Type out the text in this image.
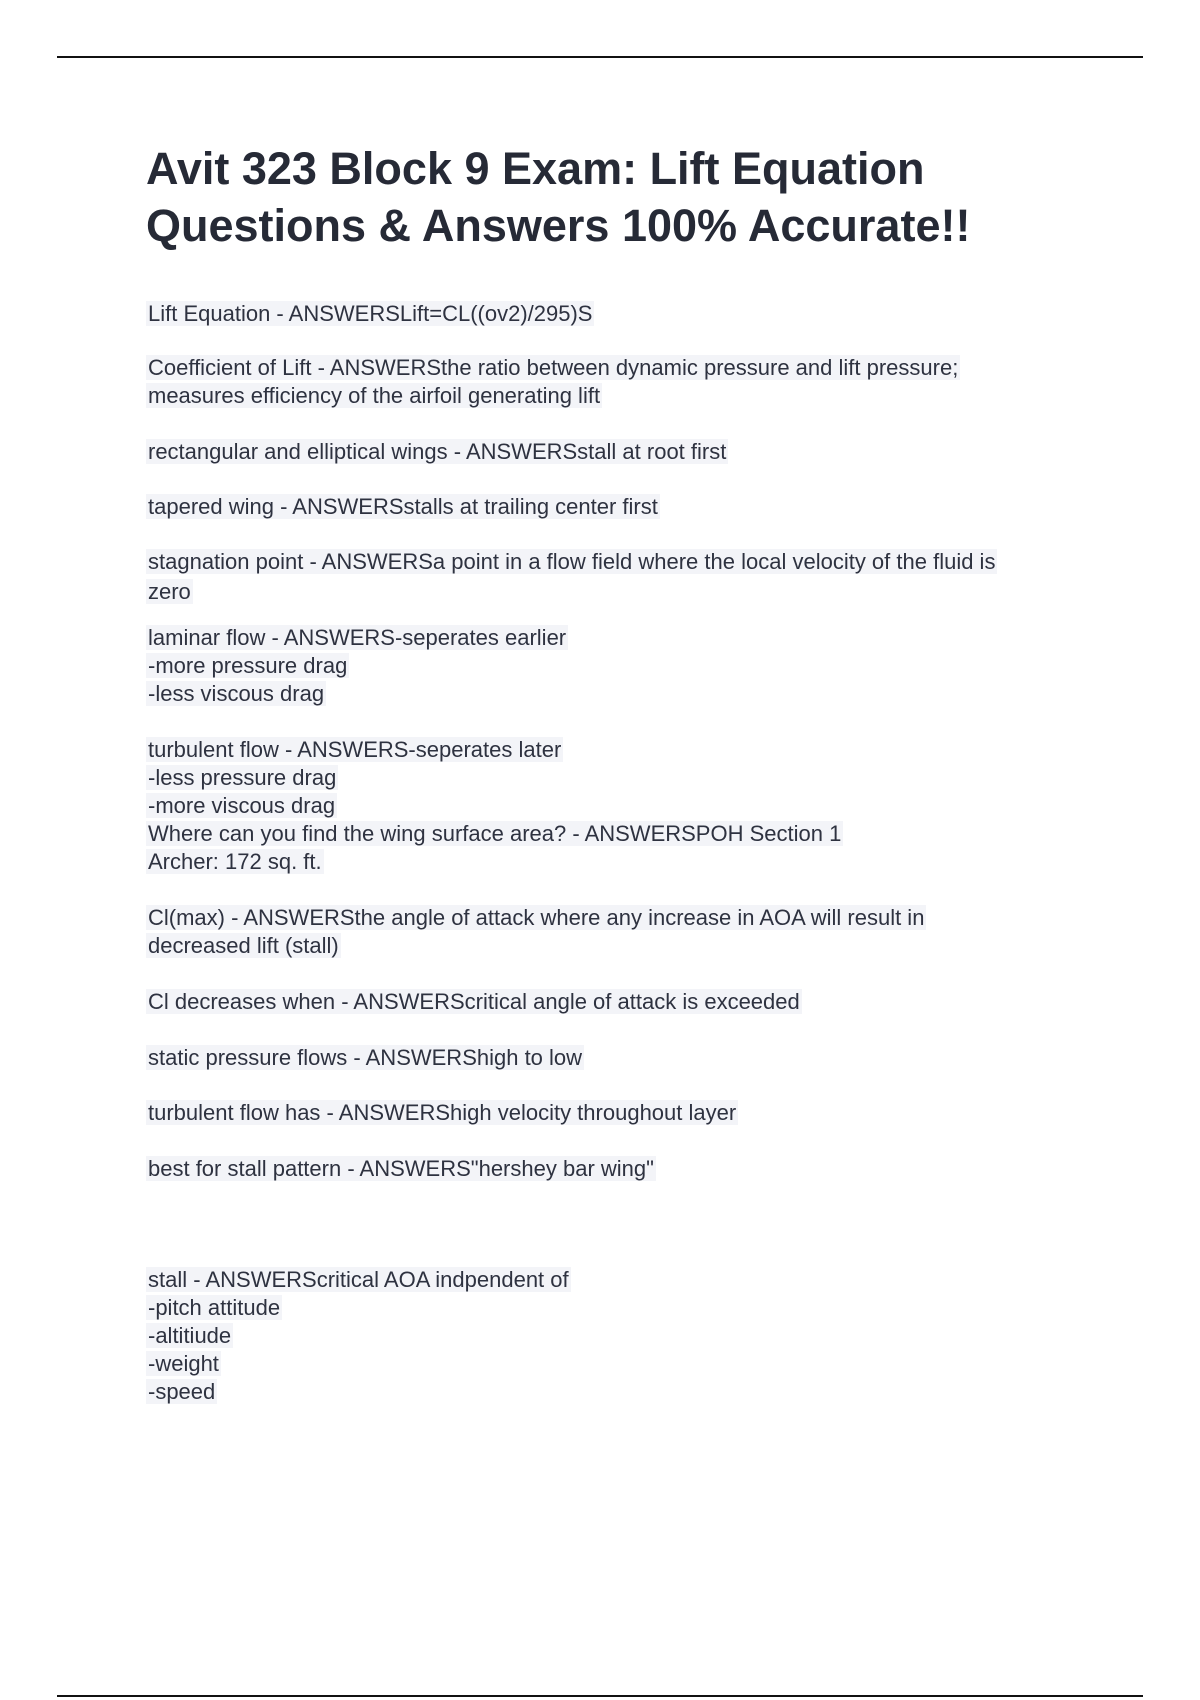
Avit 323 Block 9 Exam: Lift Equation Questions & Answers 100% Accurate!!
Lift Equation - ANSWERSLift=CL((ov2)/295)S
Coefficient of Lift - ANSWERSthe ratio between dynamic pressure and lift pressure;
measures efficiency of the airfoil generating lift
rectangular and elliptical wings - ANSWERSstall at root first
tapered wing - ANSWERSstalls at trailing center first
stagnation point - ANSWERSa point in a flow field where the local velocity of the fluid is
zero
laminar flow - ANSWERS-seperates earlier
-more pressure drag
-less viscous drag
turbulent flow - ANSWERS-seperates later
-less pressure drag
-more viscous drag
Where can you find the wing surface area? - ANSWERSPOH Section 1
Archer: 172 sq. ft.
Cl(max) - ANSWERSthe angle of attack where any increase in AOA will result in
decreased lift (stall)
Cl decreases when - ANSWERScritical angle of attack is exceeded
static pressure flows - ANSWERShigh to low
turbulent flow has - ANSWERShigh velocity throughout layer
best for stall pattern - ANSWERS"hershey bar wing"
stall - ANSWERScritical AOA indpendent of
-pitch attitude
-altitiude
-weight
-speed
